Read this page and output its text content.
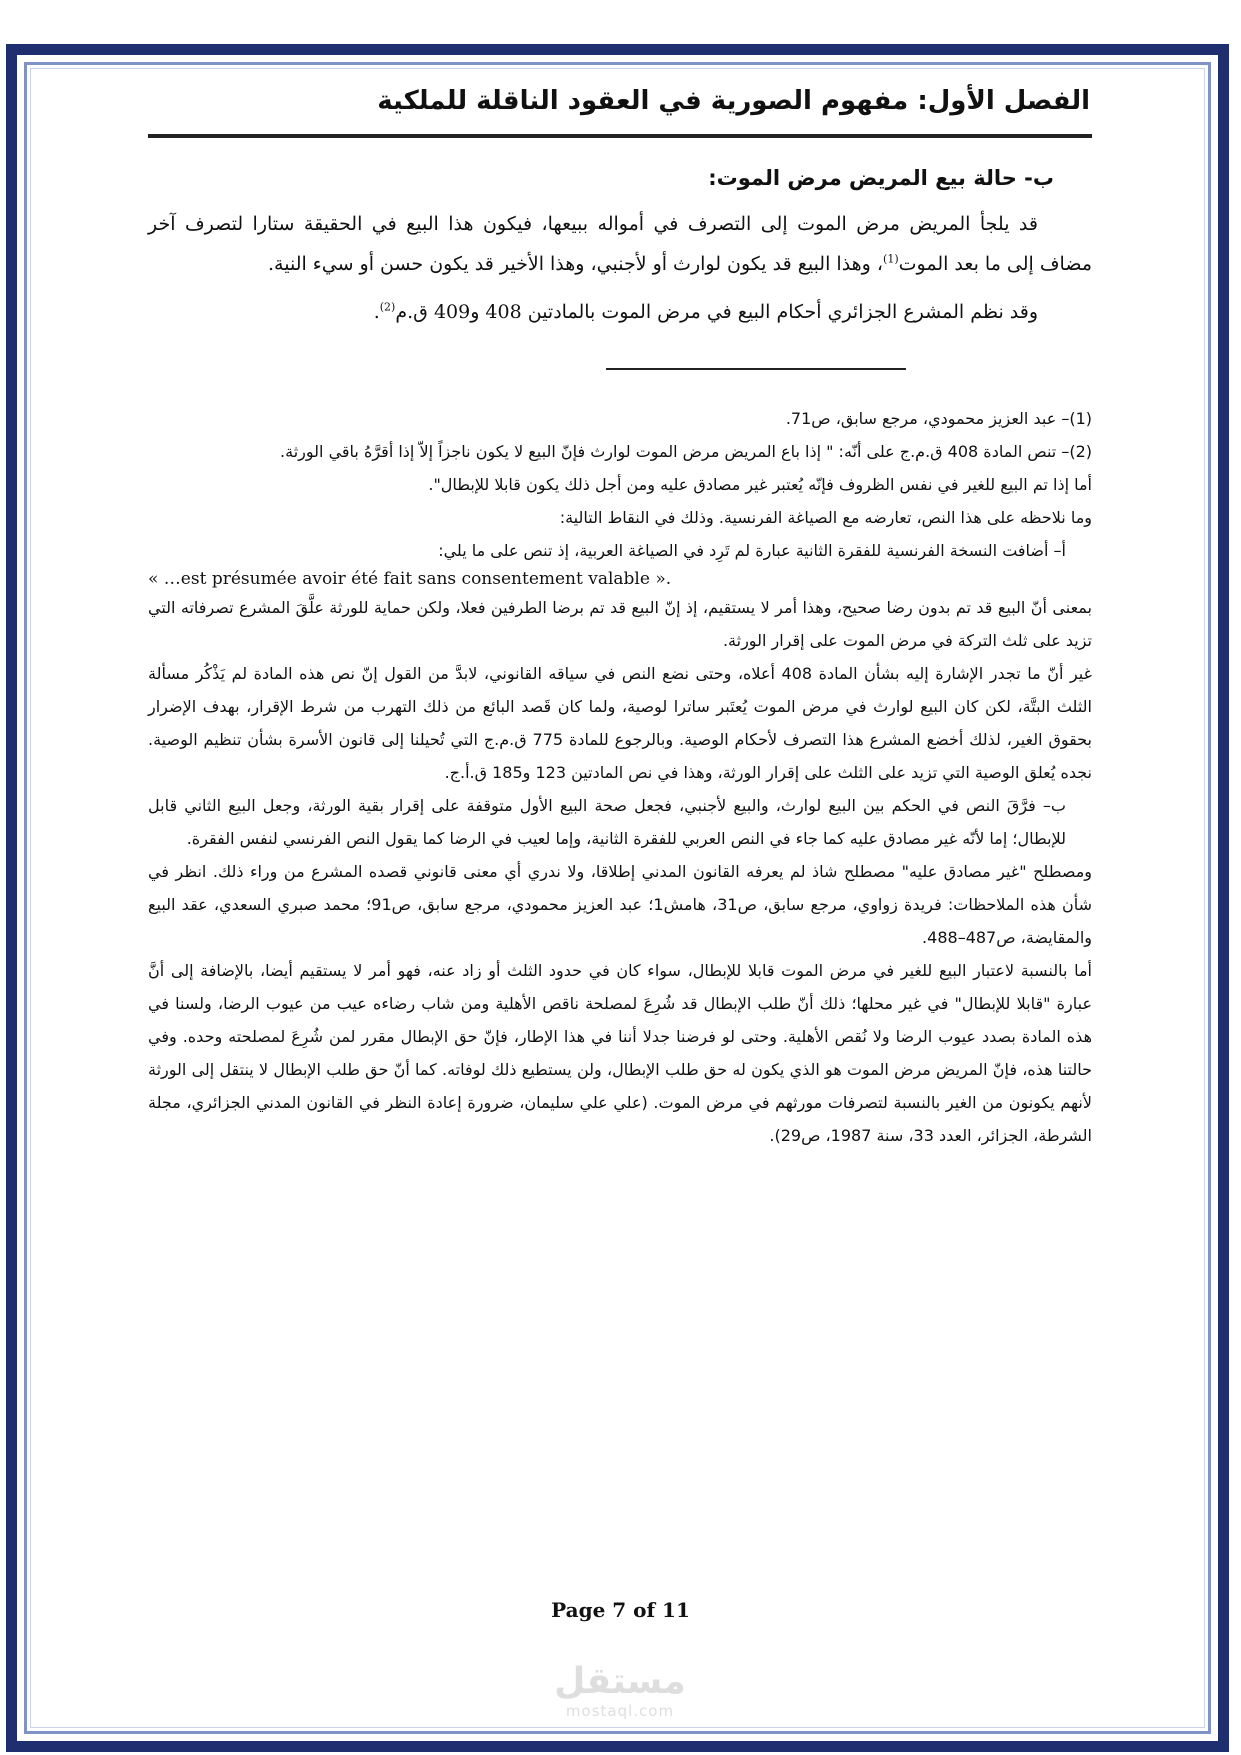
الفصل الأول: مفهوم الصورية في العقود الناقلة للملكية
ب- حالة بيع المريض مرض الموت:

قد يلجأ المريض مرض الموت إلى التصرف في أمواله ببيعها، فيكون هذا البيع في الحقيقة ستارا لتصرف آخر مضاف إلى ما بعد الموت$^{(1)}$، وهذا البيع قد يكون لوارث أو لأجنبي، وهذا الأخير قد يكون حسن أو سيء النية.

وقد نظم المشرع الجزائري أحكام البيع في مرض الموت بالمادتين 408 و409 ق.م$^{(2)}$.

(1)– عبد العزيز محمودي، مرجع سابق، ص71.

(2)– تنص المادة 408 ق.م.ج على أنّه: " إذا باع المريض مرض الموت لوارث فإنّ البيع لا يكون ناجزاً إلاّ إذا أقرَّهُ باقي الورثة.

أما إذا تم البيع للغير في نفس الظروف فإنّه يُعتبر غير مصادق عليه ومن أجل ذلك يكون قابلا للإبطال".

وما نلاحظه على هذا النص، تعارضه مع الصياغة الفرنسية. وذلك في النقاط التالية:

أ– أضافت النسخة الفرنسية للفقرة الثانية عبارة لم تَرِد في الصياغة العربية، إذ تنص على ما يلي:

« …est présumée avoir été fait sans consentement valable ».

بمعنى أنّ البيع قد تم بدون رضا صحيح، وهذا أمر لا يستقيم، إذ إنّ البيع قد تم برضا الطرفين فعلا، ولكن حماية للورثة علَّقَ المشرع تصرفاته التي تزيد على ثلث التركة في مرض الموت على إقرار الورثة.

غير أنّ ما تجدر الإشارة إليه بشأن المادة 408 أعلاه، وحتى نضع النص في سياقه القانوني، لابدَّ من القول إنّ نص هذه المادة لم يَذْكُر مسألة الثلث البتَّة، لكن كان البيع لوارث في مرض الموت يُعتَبر ساترا لوصية، ولما كان قَصد البائع من ذلك التهرب من شرط الإقرار، بهدف الإضرار بحقوق الغير، لذلك أخضع المشرع هذا التصرف لأحكام الوصية. وبالرجوع للمادة 775 ق.م.ج التي تُحيلنا إلى قانون الأسرة بشأن تنظيم الوصية. نجده يُعلق الوصية التي تزيد على الثلث على إقرار الورثة، وهذا في نص المادتين 123 و185 ق.أ.ج.

ب– فرَّقَ النص في الحكم بين البيع لوارث، والبيع لأجنبي، فجعل صحة البيع الأول متوقفة على إقرار بقية الورثة، وجعل البيع الثاني قابل للإبطال؛ إما لأنّه غير مصادق عليه كما جاء في النص العربي للفقرة الثانية، وإما لعيب في الرضا كما يقول النص الفرنسي لنفس الفقرة.

ومصطلح "غير مصادق عليه" مصطلح شاذ لم يعرفه القانون المدني إطلاقا، ولا ندري أي معنى قانوني قصده المشرع من وراء ذلك. انظر في شأن هذه الملاحظات: فريدة زواوي، مرجع سابق، ص31، هامش1؛ عبد العزيز محمودي، مرجع سابق، ص91؛ محمد صبري السعدي، عقد البيع والمقايضة، ص487–488.

أما بالنسبة لاعتبار البيع للغير في مرض الموت قابلا للإبطال، سواء كان في حدود الثلث أو زاد عنه، فهو أمر لا يستقيم أيضا، بالإضافة إلى أنَّ عبارة "قابلا للإبطال" في غير محلها؛ ذلك أنّ طلب الإبطال قد شُرِعَ لمصلحة ناقص الأهلية ومن شاب رضاءه عيب من عيوب الرضا، ولسنا في هذه المادة بصدد عيوب الرضا ولا نُقص الأهلية. وحتى لو فرضنا جدلا أننا في هذا الإطار، فإنّ حق الإبطال مقرر لمن شُرِعَ لمصلحته وحده. وفي حالتنا هذه، فإنّ المريض مرض الموت هو الذي يكون له حق طلب الإبطال، ولن يستطيع ذلك لوفاته. كما أنّ حق طلب الإبطال لا ينتقل إلى الورثة لأنهم يكونون من الغير بالنسبة لتصرفات مورثهم في مرض الموت. (علي علي سليمان، ضرورة إعادة النظر في القانون المدني الجزائري، مجلة الشرطة، الجزائر، العدد 33، سنة 1987، ص29).

Page 7 of 11
مستقل
mostaql.com
